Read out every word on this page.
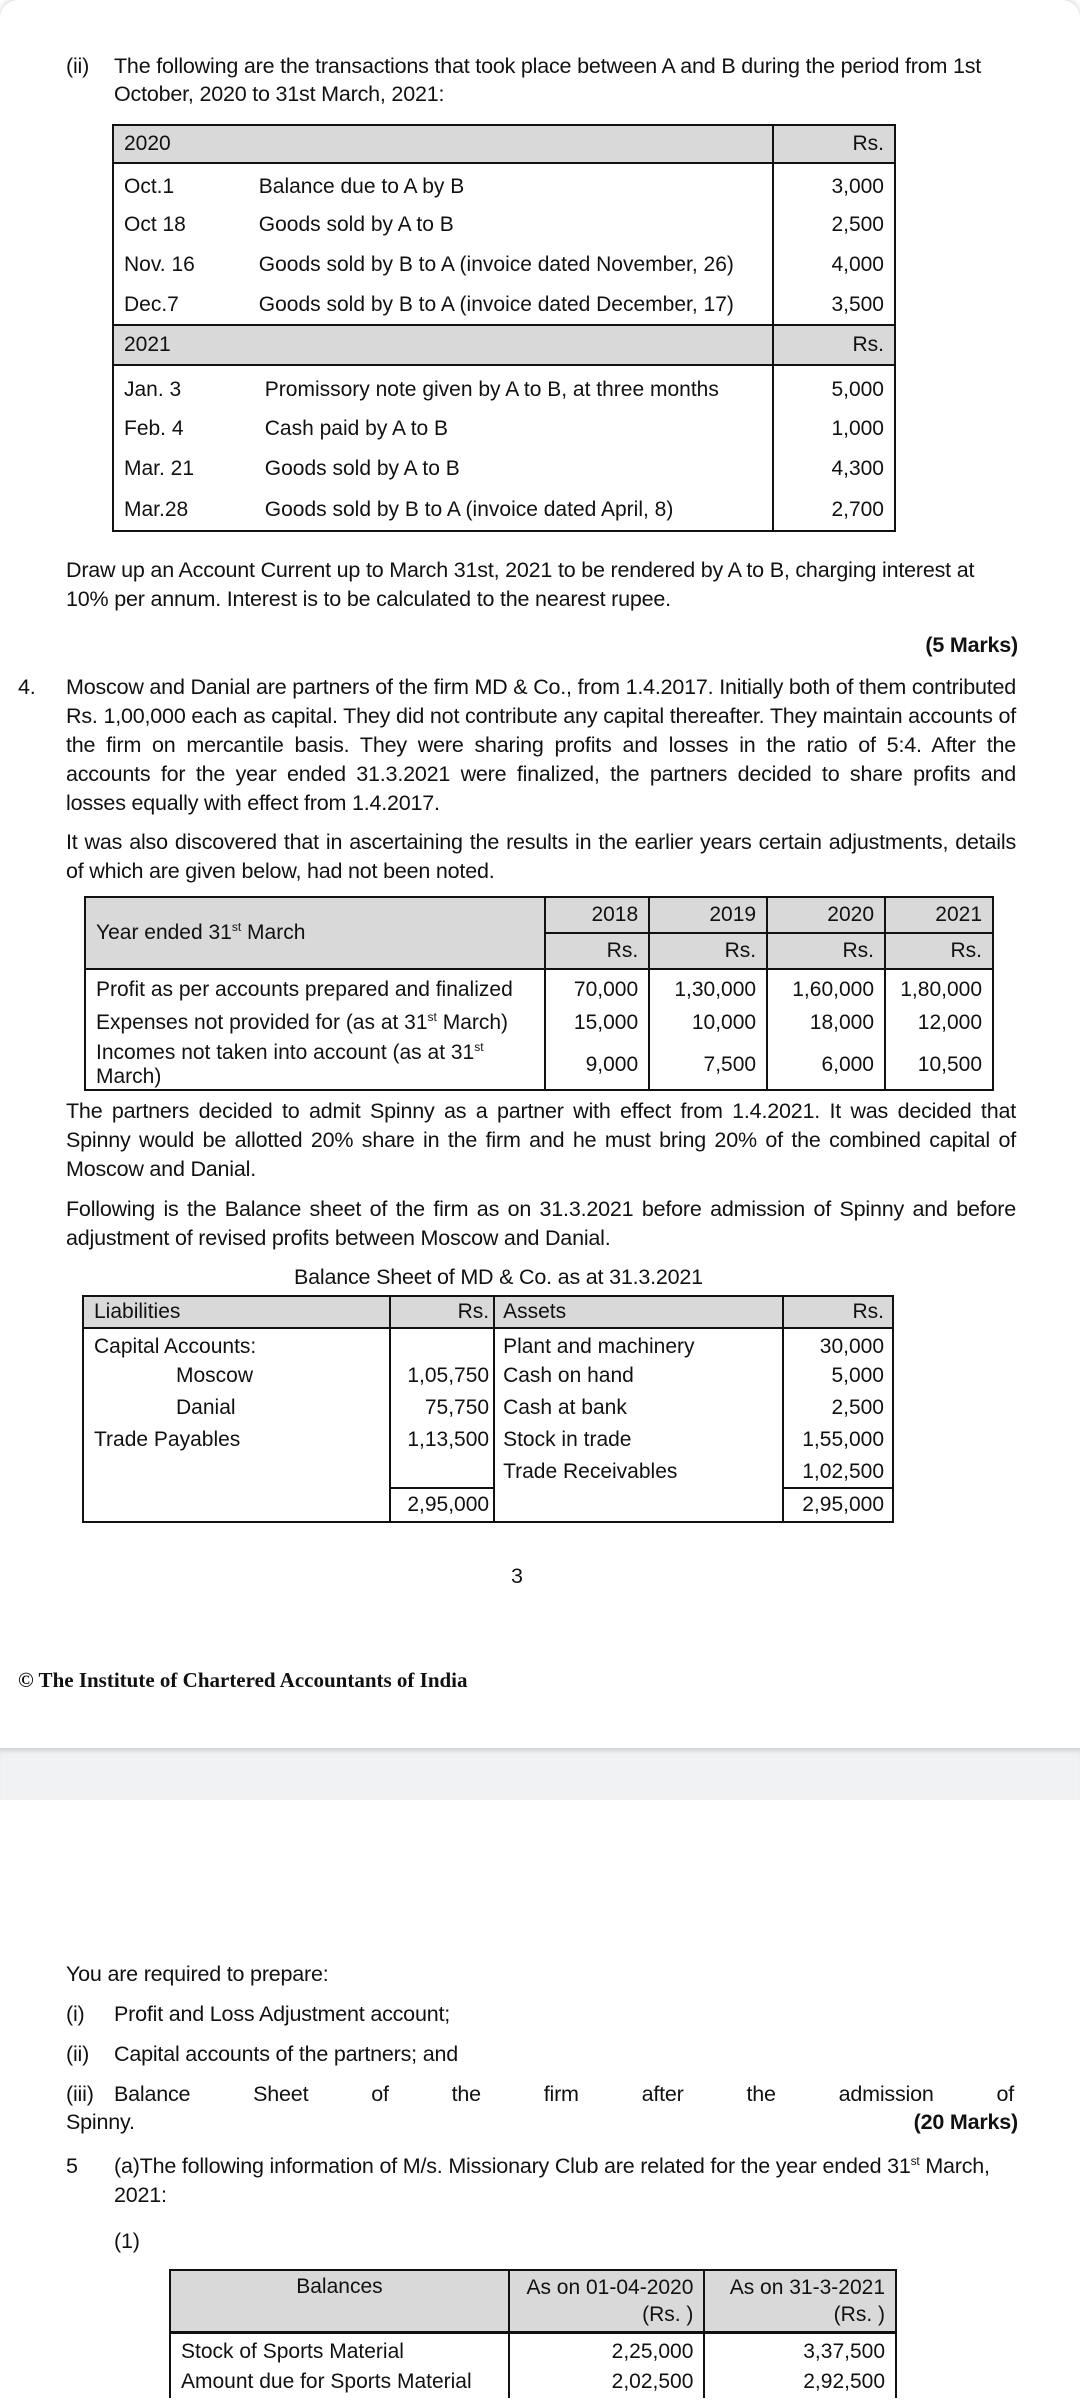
(ii) The following are the transactions that took place between A and B during the period from 1st
October, 2020 to 31st March, 2021:
2020		Rs.
Oct.1	Balance due to A by B	3,000
Oct 18	Goods sold by A to B	2,500
Nov. 16	Goods sold by B to A (invoice dated November, 26)	4,000
Dec.7	Goods sold by B to A (invoice dated December, 17)	3,500
2021		Rs.
Jan. 3	Promissory note given by A to B, at three months	5,000
Feb. 4	Cash paid by A to B	1,000
Mar. 21	Goods sold by A to B	4,300
Mar.28	Goods sold by B to A (invoice dated April, 8)	2,700
Draw up an Account Current up to March 31st, 2021 to be rendered by A to B, charging interest at
10% per annum. Interest is to be calculated to the nearest rupee.
(5 Marks)
4. Moscow and Danial are partners of the firm MD & Co., from 1.4.2017. Initially both of them contributed Rs. 1,00,000 each as capital. They did not contribute any capital thereafter. They maintain accounts of the firm on mercantile basis. They were sharing profits and losses in the ratio of 5:4. After the accounts for the year ended 31.3.2021 were finalized, the partners decided to share profits and losses equally with effect from 1.4.2017.
It was also discovered that in ascertaining the results in the earlier years certain adjustments, details of which are given below, had not been noted.
Year ended 31st March	2018	2019	2020	2021
	Rs.	Rs.	Rs.	Rs.
Profit as per accounts prepared and finalized	70,000	1,30,000	1,60,000	1,80,000
Expenses not provided for (as at 31st March)	15,000	10,000	18,000	12,000
Incomes not taken into account (as at 31st March)	9,000	7,500	6,000	10,500
The partners decided to admit Spinny as a partner with effect from 1.4.2021. It was decided that Spinny would be allotted 20% share in the firm and he must bring 20% of the combined capital of Moscow and Danial.
Following is the Balance sheet of the firm as on 31.3.2021 before admission of Spinny and before adjustment of revised profits between Moscow and Danial.
Balance Sheet of MD & Co. as at 31.3.2021
Liabilities	Rs.	Assets	Rs.
Capital Accounts:		Plant and machinery	30,000
Moscow	1,05,750	Cash on hand	5,000
Danial	75,750	Cash at bank	2,500
Trade Payables	1,13,500	Stock in trade	1,55,000
		Trade Receivables	1,02,500
	2,95,000		2,95,000
3
© The Institute of Chartered Accountants of India
You are required to prepare:
(i) Profit and Loss Adjustment account;
(ii) Capital accounts of the partners; and
(iii) Balance Sheet of the firm after the admission of
Spinny.	(20 Marks)
5 (a)The following information of M/s. Missionary Club are related for the year ended 31st March,
2021:
(1)
Balances	As on 01-04-2020	As on 31-3-2021
	(Rs. )	(Rs. )
Stock of Sports Material	2,25,000	3,37,500
Amount due for Sports Material	2,02,500	2,92,500
